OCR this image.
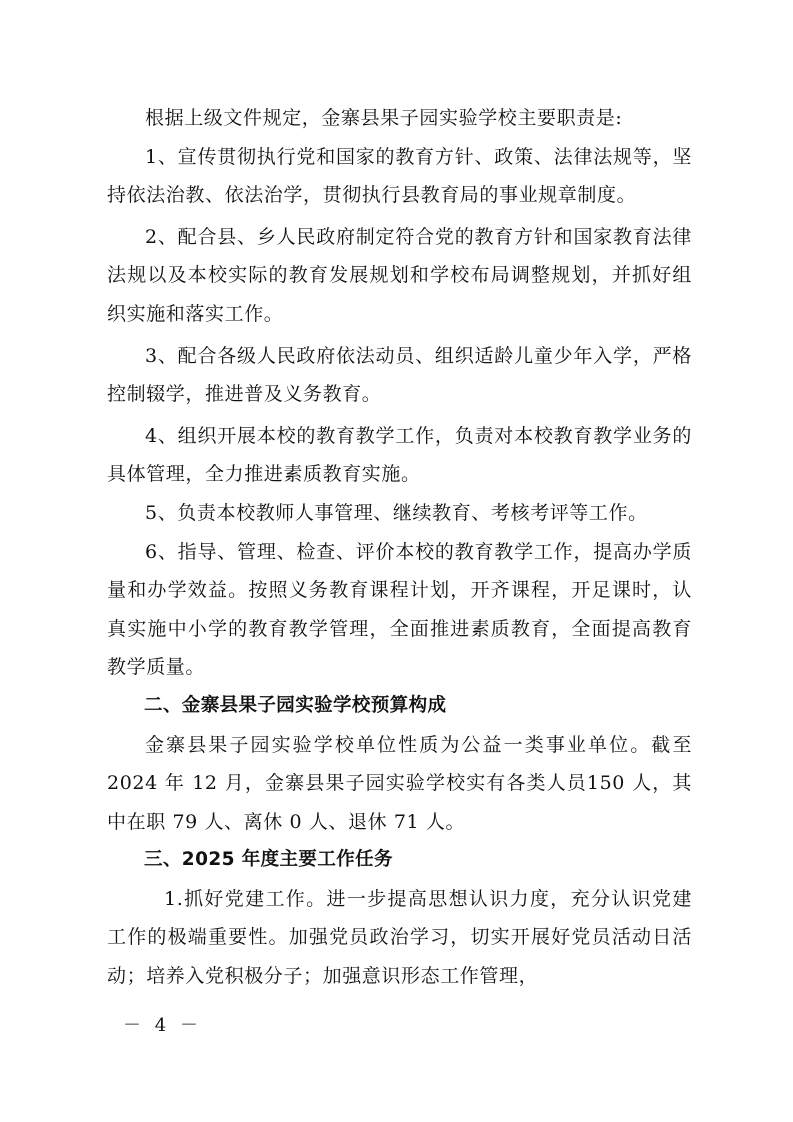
根据上级文件规定，金寨县果子园实验学校主要职责是:

1、宣传贯彻执行党和国家的教育方针、政策、法律法规等，坚持依法治教、依法治学，贯彻执行县教育局的事业规章制度。

2、配合县、乡人民政府制定符合党的教育方针和国家教育法律法规以及本校实际的教育发展规划和学校布局调整规划，并抓好组织实施和落实工作。

3、配合各级人民政府依法动员、组织适龄儿童少年入学，严格控制辍学，推进普及义务教育。

4、组织开展本校的教育教学工作，负责对本校教育教学业务的具体管理，全力推进素质教育实施。

5、负责本校教师人事管理、继续教育、考核考评等工作。

6、指导、管理、检查、评价本校的教育教学工作，提高办学质量和办学效益。按照义务教育课程计划，开齐课程，开足课时，认真实施中小学的教育教学管理，全面推进素质教育，全面提高教育教学质量。

二、金寨县果子园实验学校预算构成

金寨县果子园实验学校单位性质为公益一类事业单位。截至 2024 年 12 月，金寨县果子园实验学校实有各类人员150 人，其中在职 79 人、离休 0 人、退休 71 人。

三、2025 年度主要工作任务

1.抓好党建工作。进一步提高思想认识力度，充分认识党建工作的极端重要性。加强党员政治学习，切实开展好党员活动日活动；培养入党积极分子；加强意识形态工作管理，

－ 4 －
